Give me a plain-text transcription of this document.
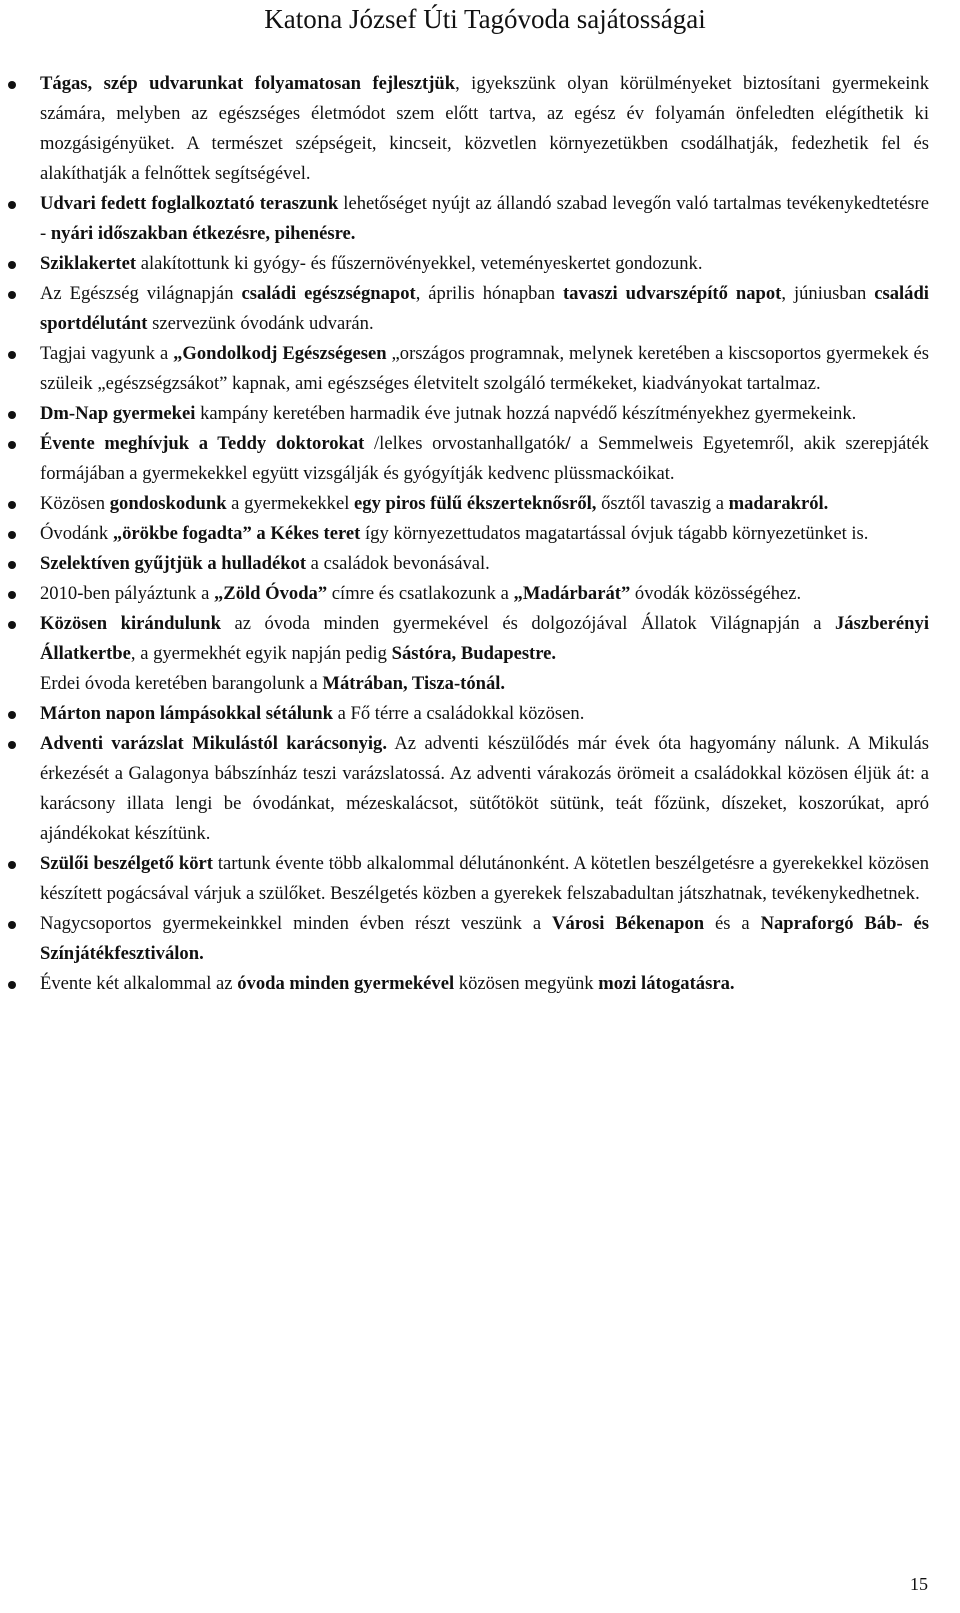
Katona József Úti Tagóvoda sajátosságai
Tágas, szép udvarunkat folyamatosan fejlesztjük, igyekszünk olyan körülményeket biztosítani gyermekeink számára, melyben az egészséges életmódot szem előtt tartva, az egész év folyamán önfeledten elégíthetik ki mozgásigényüket. A természet szépségeit, kincseit, közvetlen környezetükben csodálhatják, fedezhetik fel és alakíthatják a felnőttek segítségével.
Udvari fedett foglalkoztató teraszunk lehetőséget nyújt az állandó szabad levegőn való tartalmas tevékenykedtetésre - nyári időszakban étkezésre, pihenésre.
Sziklakertet alakítottunk ki gyógy- és fűszernövényekkel, veteményeskertet gondozunk.
Az Egészség világnapján családi egészségnapot, április hónapban tavaszi udvarszépítő napot, júniusban családi sportdélutánt szervezünk óvodánk udvarán.
Tagjai vagyunk a „Gondolkodj Egészségesen „országos programnak, melynek keretében a kiscsoportos gyermekek és szüleik „egészségzsákot” kapnak, ami egészséges életvitelt szolgáló termékeket, kiadványokat tartalmaz.
Dm-Nap gyermekei kampány keretében harmadik éve jutnak hozzá napvédő készítményekhez gyermekeink.
Évente meghívjuk a Teddy doktorokat /lelkes orvostanhallgatók/ a Semmelweis Egyetemről, akik szerepjáték formájában a gyermekekkel együtt vizsgálják és gyógyítják kedvenc plüssmackóikat.
Közösen gondoskodunk a gyermekekkel egy piros fülű ékszerteknősről, ősztől tavaszig a madarakról.
Óvodánk „örökbe fogadta” a Kékes teret így környezettudatos magatartással óvjuk tágabb környezetünket is.
Szelektíven gyűjtjük a hulladékot a családok bevonásával.
2010-ben pályáztunk a „Zöld Óvoda” címre és csatlakozunk a „Madárbarát” óvodák közösségéhez.
Közösen kirándulunk az óvoda minden gyermekével és dolgozójával Állatok Világnapján a Jászberényi Állatkertbe, a gyermekhét egyik napján pedig Sástóra, Budapestre.
Erdei óvoda keretében barangolunk a Mátrában, Tisza-tónál.
Márton napon lámpásokkal sétálunk a Fő térre a családokkal közösen.
Adventi varázslat Mikulástól karácsonyig. Az adventi készülődés már évek óta hagyomány nálunk. A Mikulás érkezését a Galagonya bábszínház teszi varázslatossá. Az adventi várakozás örömeit a családokkal közösen éljük át: a karácsony illata lengi be óvodánkat, mézeskalácsot, sütőtököt sütünk, teát főzünk, díszeket, koszorúkat, apró ajándékokat készítünk.
Szülői beszélgető kört tartunk évente több alkalommal délutánonként. A kötetlen beszélgetésre a gyerekekkel közösen készített pogácsával várjuk a szülőket. Beszélgetés közben a gyerekek felszabadultan játszhatnak, tevékenykedhetnek.
Nagycsoportos gyermekeinkkel minden évben részt veszünk a Városi Békenapon és a Napraforgó Báb- és Színjátékfesztiválon.
Évente két alkalommal az óvoda minden gyermekével közösen megyünk mozi látogatásra.
15
